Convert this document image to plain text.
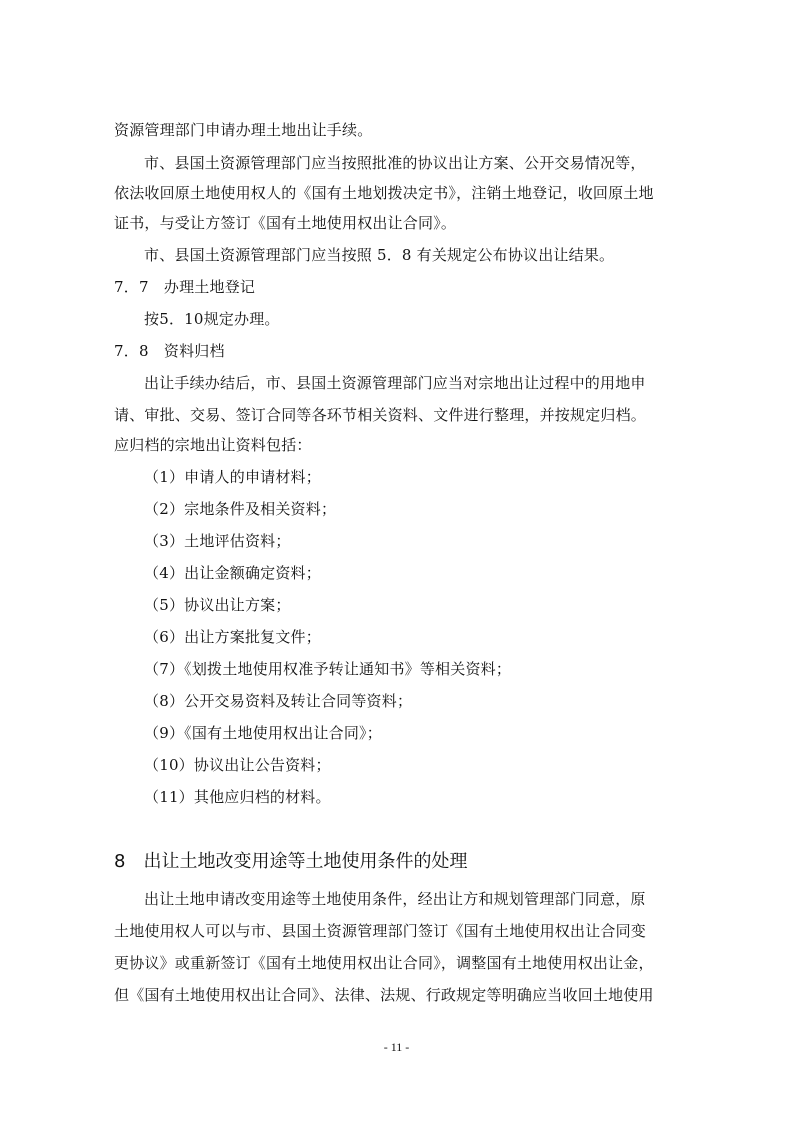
资源管理部门申请办理土地出让手续。
市、县国土资源管理部门应当按照批准的协议出让方案、公开交易情况等，
依法收回原土地使用权人的《国有土地划拨决定书》，注销土地登记，收回原土地
证书，与受让方签订《国有土地使用权出让合同》。
市、县国土资源管理部门应当按照 5．8 有关规定公布协议出让结果。
7．7　办理土地登记
按5．10规定办理。
7．8　资料归档
出让手续办结后，市、县国土资源管理部门应当对宗地出让过程中的用地申
请、审批、交易、签订合同等各环节相关资料、文件进行整理，并按规定归档。
应归档的宗地出让资料包括：
（1）申请人的申请材料；
（2）宗地条件及相关资料；
（3）土地评估资料；
（4）出让金额确定资料；
（5）协议出让方案；
（6）出让方案批复文件；
（7）《划拨土地使用权准予转让通知书》等相关资料；
（8）公开交易资料及转让合同等资料；
（9）《国有土地使用权出让合同》；
（10）协议出让公告资料；
（11）其他应归档的材料。
8　出让土地改变用途等土地使用条件的处理
出让土地申请改变用途等土地使用条件，经出让方和规划管理部门同意，原
土地使用权人可以与市、县国土资源管理部门签订《国有土地使用权出让合同变
更协议》或重新签订《国有土地使用权出让合同》，调整国有土地使用权出让金，
但《国有土地使用权出让合同》、法律、法规、行政规定等明确应当收回土地使用
- 11 -
